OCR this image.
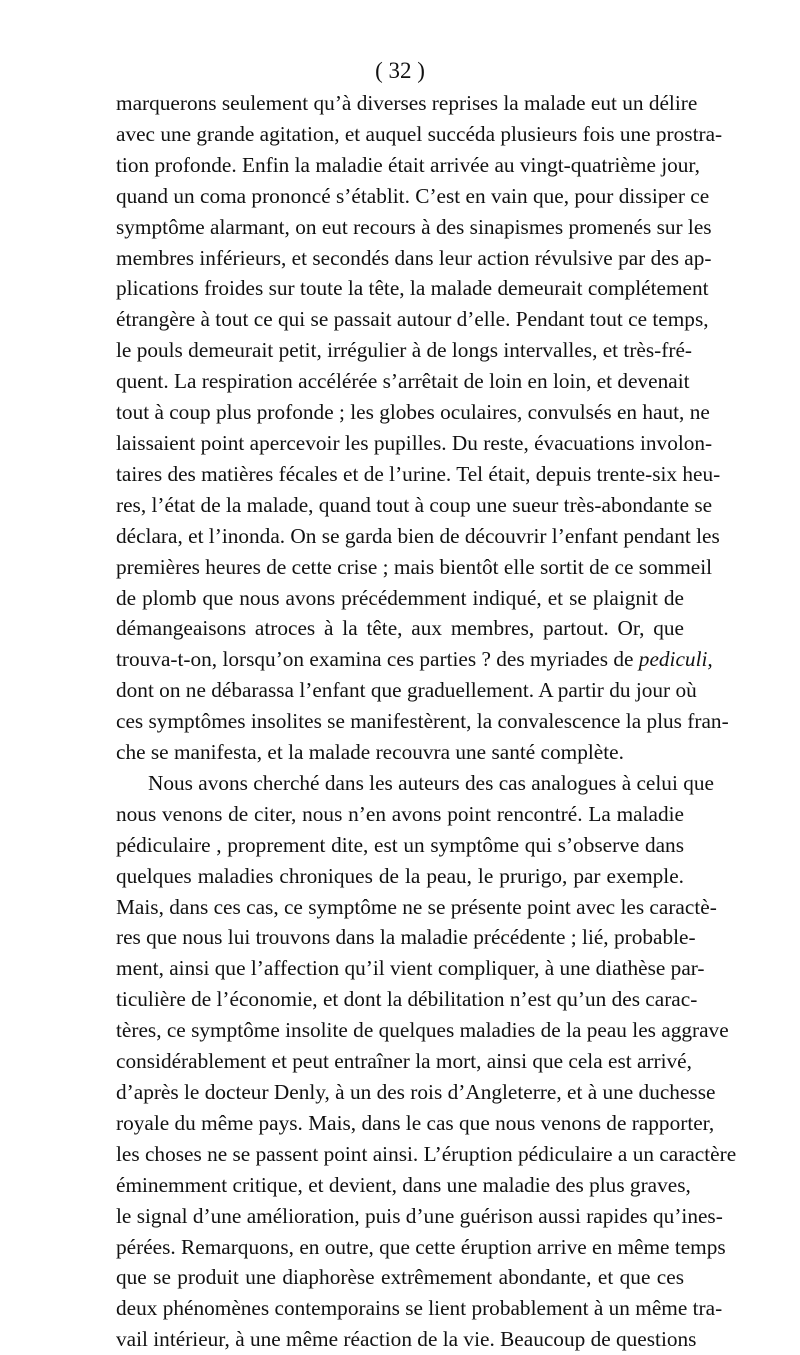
( 32 )
marquerons seulement qu’à diverses reprises la malade eut un délire
avec une grande agitation, et auquel succéda plusieurs fois une prostra-
tion profonde. Enfin la maladie était arrivée au vingt-quatrième jour,
quand un coma prononcé s’établit. C’est en vain que, pour dissiper ce
symptôme alarmant, on eut recours à des sinapismes promenés sur les
membres inférieurs, et secondés dans leur action révulsive par des ap-
plications froides sur toute la tête, la malade demeurait complétement
étrangère à tout ce qui se passait autour d’elle. Pendant tout ce temps,
le pouls demeurait petit, irrégulier à de longs intervalles, et très-fré-
quent. La respiration accélérée s’arrêtait de loin en loin, et devenait
tout à coup plus profonde ; les globes oculaires, convulsés en haut, ne
laissaient point apercevoir les pupilles. Du reste, évacuations involon-
taires des matières fécales et de l’urine. Tel était, depuis trente-six heu-
res, l’état de la malade, quand tout à coup une sueur très-abondante se
déclara, et l’inonda. On se garda bien de découvrir l’enfant pendant les
premières heures de cette crise ; mais bientôt elle sortit de ce sommeil
de plomb que nous avons précédemment indiqué, et se plaignit de
démangeaisons atroces à la tête, aux membres, partout. Or, que
trouva-t-on, lorsqu’on examina ces parties ? des myriades de pediculi,
dont on ne débarassa l’enfant que graduellement. A partir du jour où
ces symptômes insolites se manifestèrent, la convalescence la plus fran-
che se manifesta, et la malade recouvra une santé complète.
Nous avons cherché dans les auteurs des cas analogues à celui que
nous venons de citer, nous n’en avons point rencontré. La maladie
pédiculaire , proprement dite, est un symptôme qui s’observe dans
quelques maladies chroniques de la peau, le prurigo, par exemple.
Mais, dans ces cas, ce symptôme ne se présente point avec les caractè-
res que nous lui trouvons dans la maladie précédente ; lié, probable-
ment, ainsi que l’affection qu’il vient compliquer, à une diathèse par-
ticulière de l’économie, et dont la débilitation n’est qu’un des carac-
tères, ce symptôme insolite de quelques maladies de la peau les aggrave
considérablement et peut entraîner la mort, ainsi que cela est arrivé,
d’après le docteur Denly, à un des rois d’Angleterre, et à une duchesse
royale du même pays. Mais, dans le cas que nous venons de rapporter,
les choses ne se passent point ainsi. L’éruption pédiculaire a un caractère
éminemment critique, et devient, dans une maladie des plus graves,
le signal d’une amélioration, puis d’une guérison aussi rapides qu’ines-
pérées. Remarquons, en outre, que cette éruption arrive en même temps
que se produit une diaphorèse extrêmement abondante, et que ces
deux phénomènes contemporains se lient probablement à un même tra-
vail intérieur, à une même réaction de la vie. Beaucoup de questions
